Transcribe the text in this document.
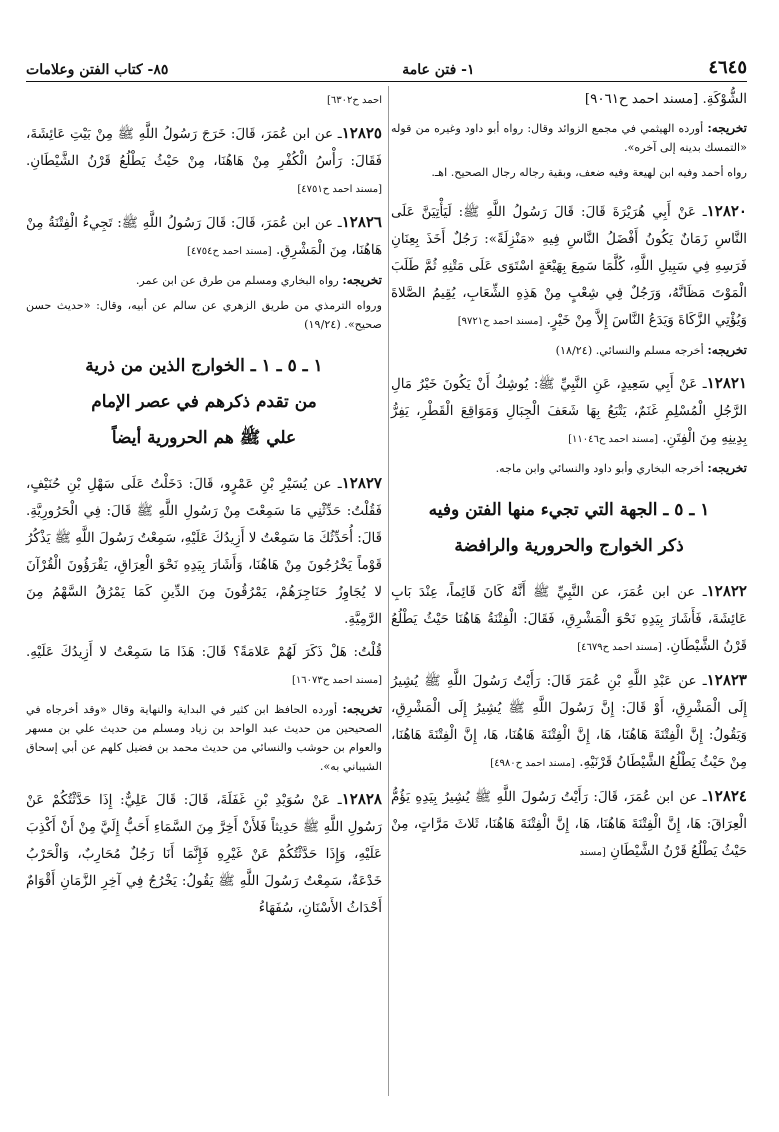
٤٦٤٥
١- فتن عامة
٨٥- كتاب الفتن وعلامات
الشُّوْكَةِ. [مسند احمد ح٩٠٦١]
تخريجه: أورده الهيثمي في مجمع الزوائد وقال: رواه أبو داود وغيره من قوله «التمسك بدينه إلى آخره».
رواه أحمد وفيه ابن لهيعة وفيه ضعف، وبقية رجاله رجال الصحيح. اهـ.
١٢٨٢٠ـ عَنْ أَبِي هُرَيْرَةَ قَالَ: قَالَ رَسُولُ اللَّهِ ﷺ: لَيَأْتِيَنَّ عَلَى النَّاسِ زَمَانٌ يَكُونُ أَفْضَلُ النَّاسِ فِيهِ «مَنْزِلَةً»: رَجُلٌ أَخَذَ بِعِنَانِ فَرَسِهِ فِي سَبِيلِ اللَّهِ، كُلَّمَا سَمِعَ بِهَيْعَةٍ اسْتَوَى عَلَى مَتْنِهِ ثُمَّ طَلَبَ الْمَوْتَ مَظَانَّهُ، وَرَجُلٌ فِي شِعْبٍ مِنْ هَذِهِ الشِّعَابِ، يُقِيمُ الصَّلاةَ وَيُؤْتِي الزَّكَاةَ وَيَدَعُ النَّاسَ إِلاَّ مِنْ خَيْرٍ. [مسند احمد ح٩٧٢١]
تخريجه: أخرجه مسلم والنسائي. (١٨/٢٤)
١٢٨٢١ـ عَنْ أَبِي سَعِيدٍ، عَنِ النَّبِيِّ ﷺ: يُوشِكُ أَنْ يَكُونَ خَيْرُ مَالِ الرَّجُلِ الْمُسْلِمِ غَنَمٌ، يَتْبَعُ بِهَا شَعَفَ الْجِبَالِ وَمَوَاقِعَ الْقَطْرِ، يَفِرُّ بِدِينِهِ مِنَ الْفِتَنِ. [مسند احمد ح١١٠٤٦]
تخريجه: أخرجه البخاري وأبو داود والنسائي وابن ماجه.
١ ـ ٥ ـ الجهة التي تجيء منها الفتن وفيه
ذكر الخوارج والحرورية والرافضة
١٢٨٢٢ـ عن ابن عُمَرَ، عن النَّبِيِّ ﷺ أَنَّهُ كَانَ قَائِماً، عِنْدَ بَابِ عَائِشَةَ، فَأَشَارَ بِيَدِهِ نَحْوَ الْمَشْرِقِ، فَقَالَ: الْفِتْنَةُ هَاهُنَا حَيْثُ يَطْلُعُ قَرْنُ الشَّيْطَانِ. [مسند احمد ح٤٦٧٩]
١٢٨٢٣ـ عن عَبْدِ اللَّهِ بْنِ عُمَرَ قَالَ: رَأَيْتُ رَسُولَ اللَّهِ ﷺ يُشِيرُ إِلَى الْمَشْرِقِ، أَوْ قَالَ: إِنَّ رَسُولَ اللَّهِ ﷺ يُشِيرُ إِلَى الْمَشْرِقِ، وَيَقُولُ: إِنَّ الْفِتْنَةَ هَاهُنَا، هَا، إِنَّ الْفِتْنَةَ هَاهُنَا، هَا، إِنَّ الْفِتْنَةَ هَاهُنَا، مِنْ حَيْثُ يَطْلُعُ الشَّيْطَانُ قَرْنَيْهِ. [مسند احمد ح٤٩٨٠]
١٢٨٢٤ـ عن ابن عُمَرَ، قَالَ: رَأَيْتُ رَسُولَ اللَّهِ ﷺ يُشِيرُ بِيَدِهِ يَؤُمُّ الْعِرَاقَ: هَا، إِنَّ الْفِتْنَةَ هَاهُنَا، هَا، إِنَّ الْفِتْنَةَ هَاهُنَا، ثَلاثَ مَرَّاتٍ، مِنْ حَيْثُ يَطْلُعُ قَرْنُ الشَّيْطَانِ [مسند
احمد ح٦٣٠٢]
١٢٨٢٥ـ عن ابن عُمَرَ، قَالَ: خَرَجَ رَسُولُ اللَّهِ ﷺ مِنْ بَيْتِ عَائِشَةَ، فَقَالَ: رَأْسُ الْكُفْرِ مِنْ هَاهُنَا، مِنْ حَيْثُ يَطْلُعُ قَرْنُ الشَّيْطَانِ. [مسند احمد ح٤٧٥١]
١٢٨٢٦ـ عن ابن عُمَرَ، قَالَ: قَالَ رَسُولُ اللَّهِ ﷺ: تَجِيءُ الْفِتْنَةُ مِنْ هَاهُنَا، مِنَ الْمَشْرِقِ. [مسند احمد ح٤٧٥٤]
تخريجه: رواه البخاري ومسلم من طرق عن ابن عمر.
ورواه الترمذي من طريق الزهري عن سالم عن أبيه، وقال: «حديث حسن صحيح». (١٩/٢٤)
١ ـ ٥ ـ ١ ـ الخوارج الذين من ذرية
من تقدم ذكرهم في عصر الإمام
علي ﷺ هم الحرورية أيضاً
١٢٨٢٧ـ عن يُسَيْرِ بْنِ عَمْرٍو، قَالَ: دَخَلْتُ عَلَى سَهْلِ بْنِ حُنَيْفٍ، فَقُلْتُ: حَدِّثْنِي مَا سَمِعْتَ مِنْ رَسُولِ اللَّهِ ﷺ قَالَ: فِي الْحَرُورِيَّةِ. قَالَ: أُحَدِّثُكَ مَا سَمِعْتُ لا أَزِيدُكَ عَلَيْهِ، سَمِعْتُ رَسُولَ اللَّهِ ﷺ يَذْكُرُ قَوْماً يَخْرُجُونَ مِنْ هَاهُنَا، وَأَشَارَ بِيَدِهِ نَحْوَ الْعِرَاقِ، يَقْرَؤُونَ الْقُرْآنَ لا يُجَاوِزُ حَنَاجِرَهُمْ، يَمْرُقُونَ مِنَ الدِّينِ كَمَا يَمْرُقُ السَّهْمُ مِنَ الرَّمِيَّةِ.
قُلْتُ: هَلْ ذَكَرَ لَهُمْ عَلامَةً؟ قَالَ: هَذَا مَا سَمِعْتُ لا أَزِيدُكَ عَلَيْهِ. [مسند احمد ح١٦٠٧٣]
تخريجه: أورده الحافظ ابن كثير في البداية والنهاية وقال «وقد أخرجاه في الصحيحين من حديث عبد الواحد بن زياد ومسلم من حديث علي بن مسهر والعوام بن حوشب والنسائي من حديث محمد بن فضيل كلهم عن أبي إسحاق الشيباني به».
١٢٨٢٨ـ عَنْ سُوَيْدِ بْنِ غَفَلَةَ، قَالَ: قَالَ عَلِيٌّ: إِذَا حَدَّثْتُكُمْ عَنْ رَسُولِ اللَّهِ ﷺ حَدِيثاً فَلأَنْ أَخِرَّ مِنَ السَّمَاءِ أَحَبُّ إِلَيَّ مِنْ أَنْ أَكْذِبَ عَلَيْهِ، وَإِذَا حَدَّثْتُكُمْ عَنْ غَيْرِهِ فَإِنَّمَا أَنَا رَجُلٌ مُحَارِبٌ، وَالْحَرْبُ خَدْعَةٌ، سَمِعْتُ رَسُولَ اللَّهِ ﷺ يَقُولُ: يَخْرُجُ فِي آخِرِ الزَّمَانِ أَقْوَامٌ أَحْدَاثُ الأَسْنَانِ، سُفَهَاءُ
